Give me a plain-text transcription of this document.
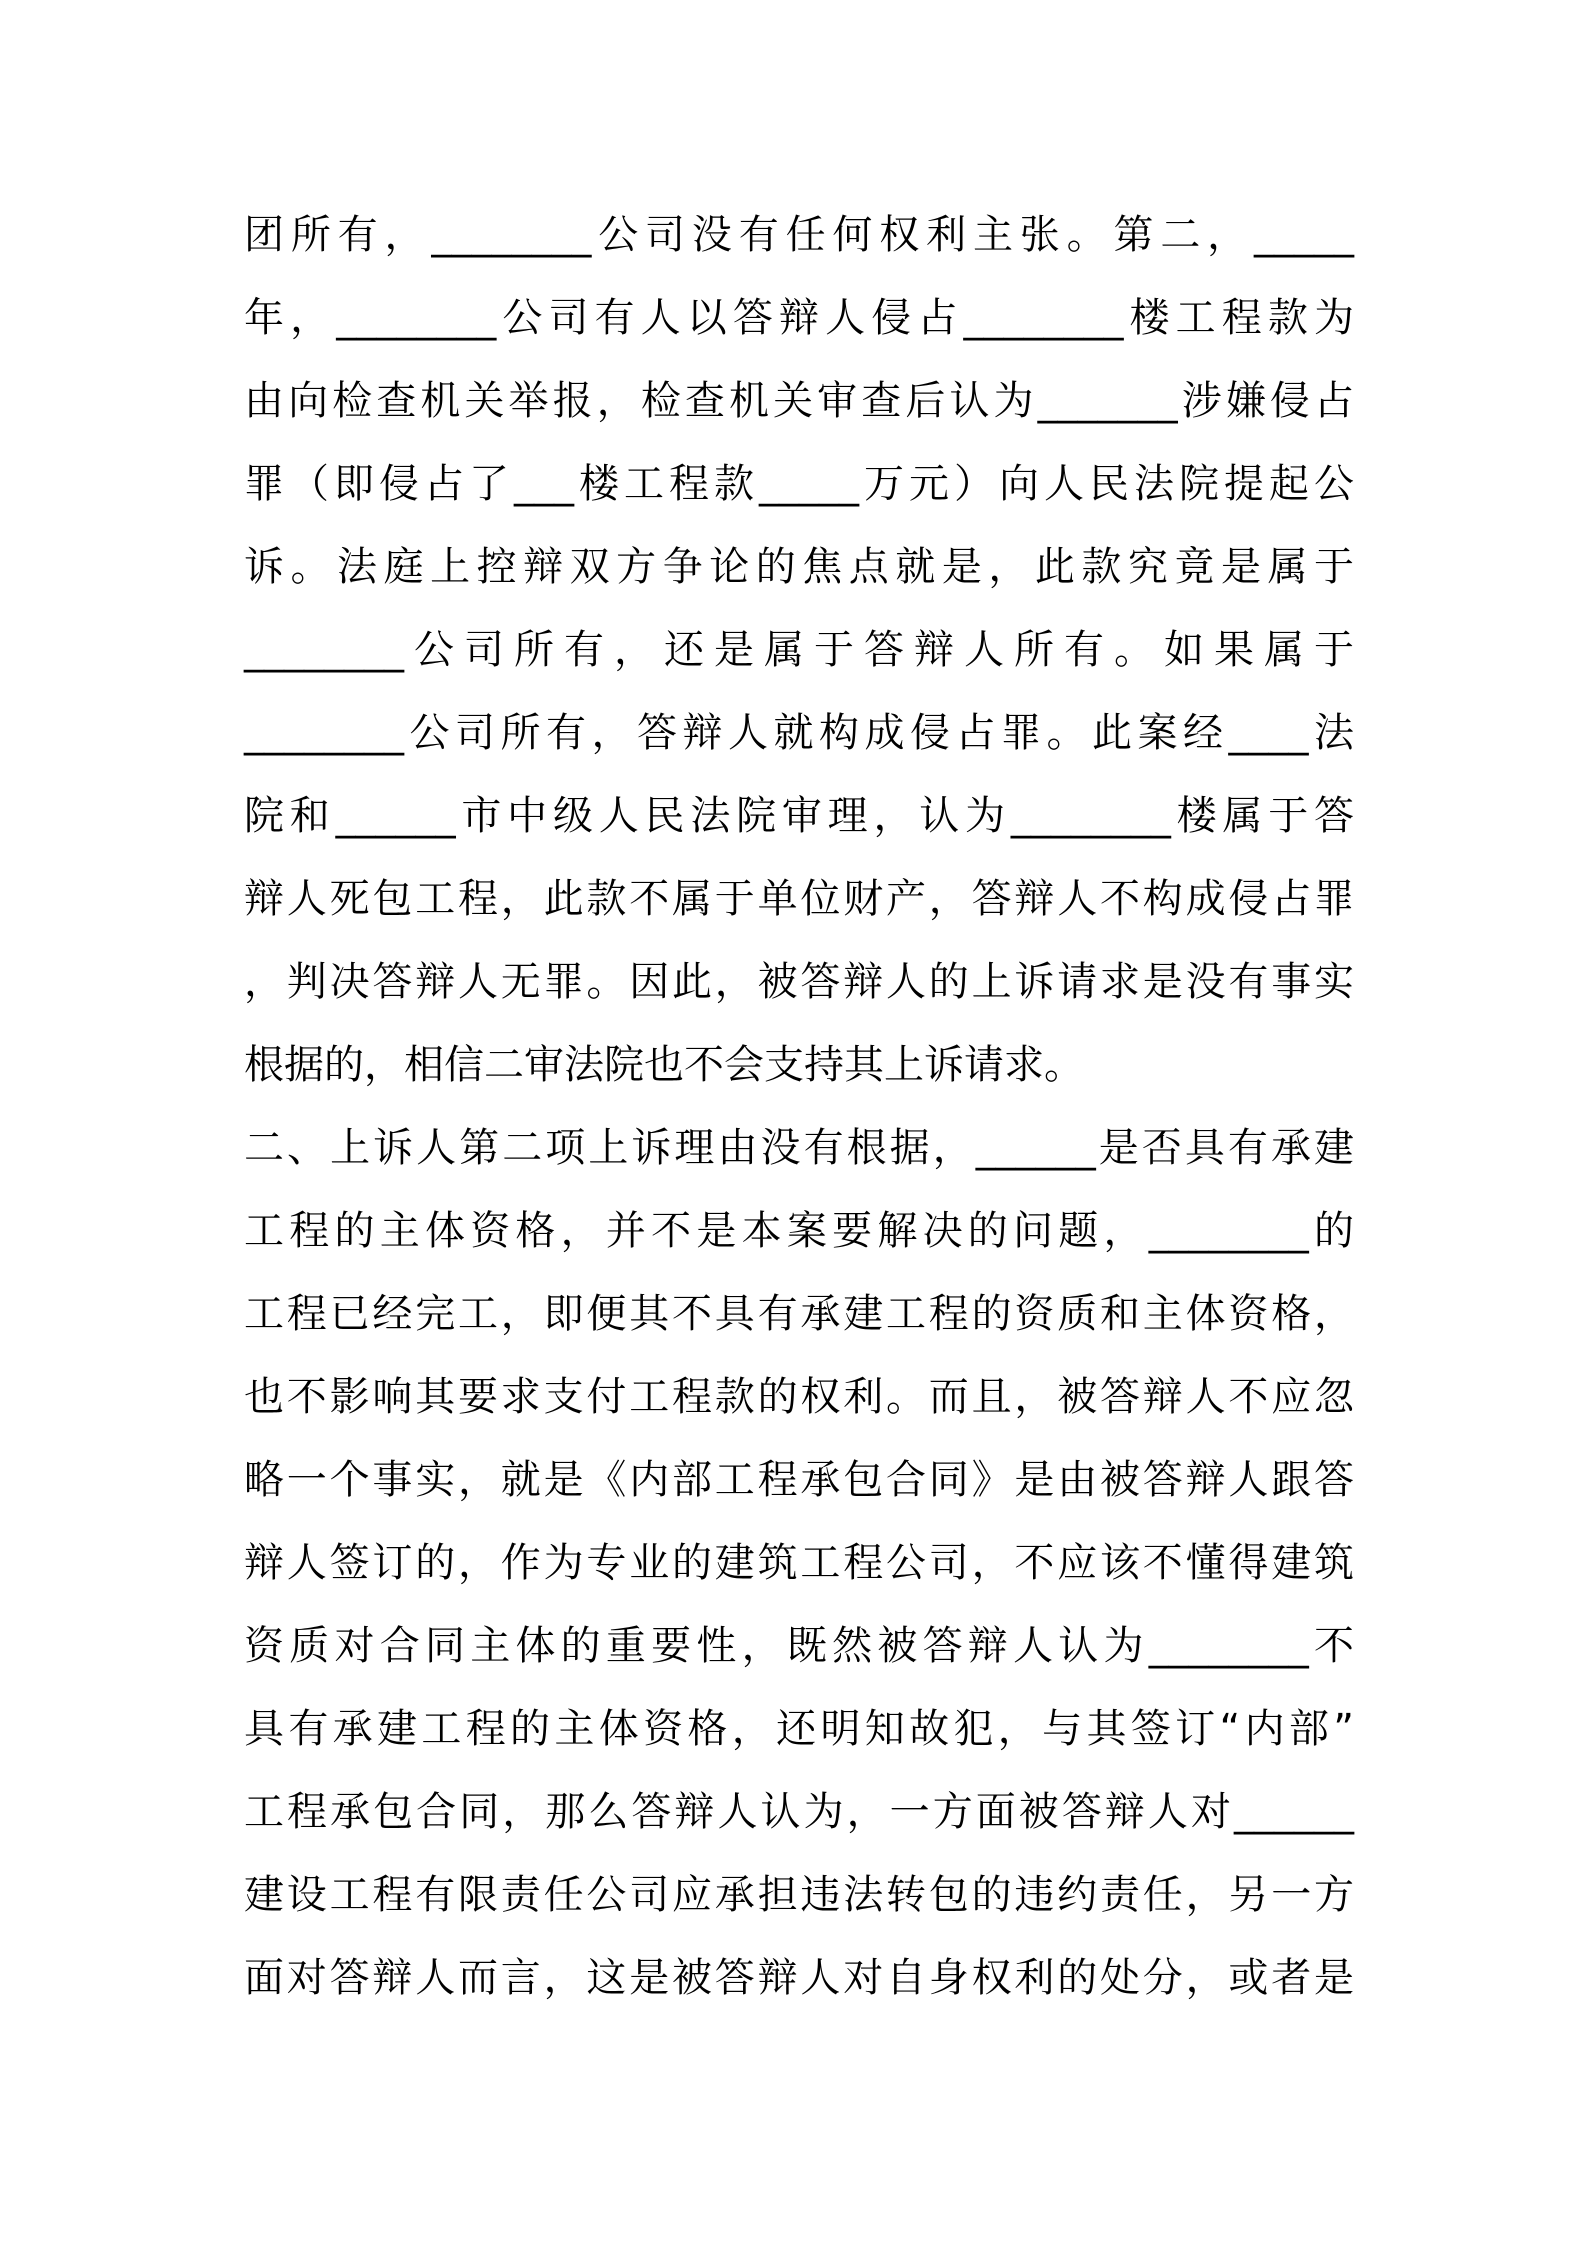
团所有，________公司没有任何权利主张。第二，_____
年，________公司有人以答辩人侵占________楼工程款为
由向检查机关举报，检查机关审查后认为_______涉嫌侵占
罪（即侵占了___楼工程款_____万元）向人民法院提起公
诉。法庭上控辩双方争论的焦点就是，此款究竟是属于
________公司所有，还是属于答辩人所有。如果属于
________公司所有，答辩人就构成侵占罪。此案经____法
院和______市中级人民法院审理，认为________楼属于答
辩人死包工程，此款不属于单位财产，答辩人不构成侵占罪
，判决答辩人无罪。因此，被答辩人的上诉请求是没有事实
根据的，相信二审法院也不会支持其上诉请求。
二、上诉人第二项上诉理由没有根据，______是否具有承建
工程的主体资格，并不是本案要解决的问题，________的
工程已经完工，即便其不具有承建工程的资质和主体资格，
也不影响其要求支付工程款的权利。而且，被答辩人不应忽
略一个事实，就是《内部工程承包合同》是由被答辩人跟答
辩人签订的，作为专业的建筑工程公司，不应该不懂得建筑
资质对合同主体的重要性，既然被答辩人认为________不
具有承建工程的主体资格，还明知故犯，与其签订“内部”
工程承包合同，那么答辩人认为，一方面被答辩人对______
建设工程有限责任公司应承担违法转包的违约责任，另一方
面对答辩人而言，这是被答辩人对自身权利的处分，或者是
